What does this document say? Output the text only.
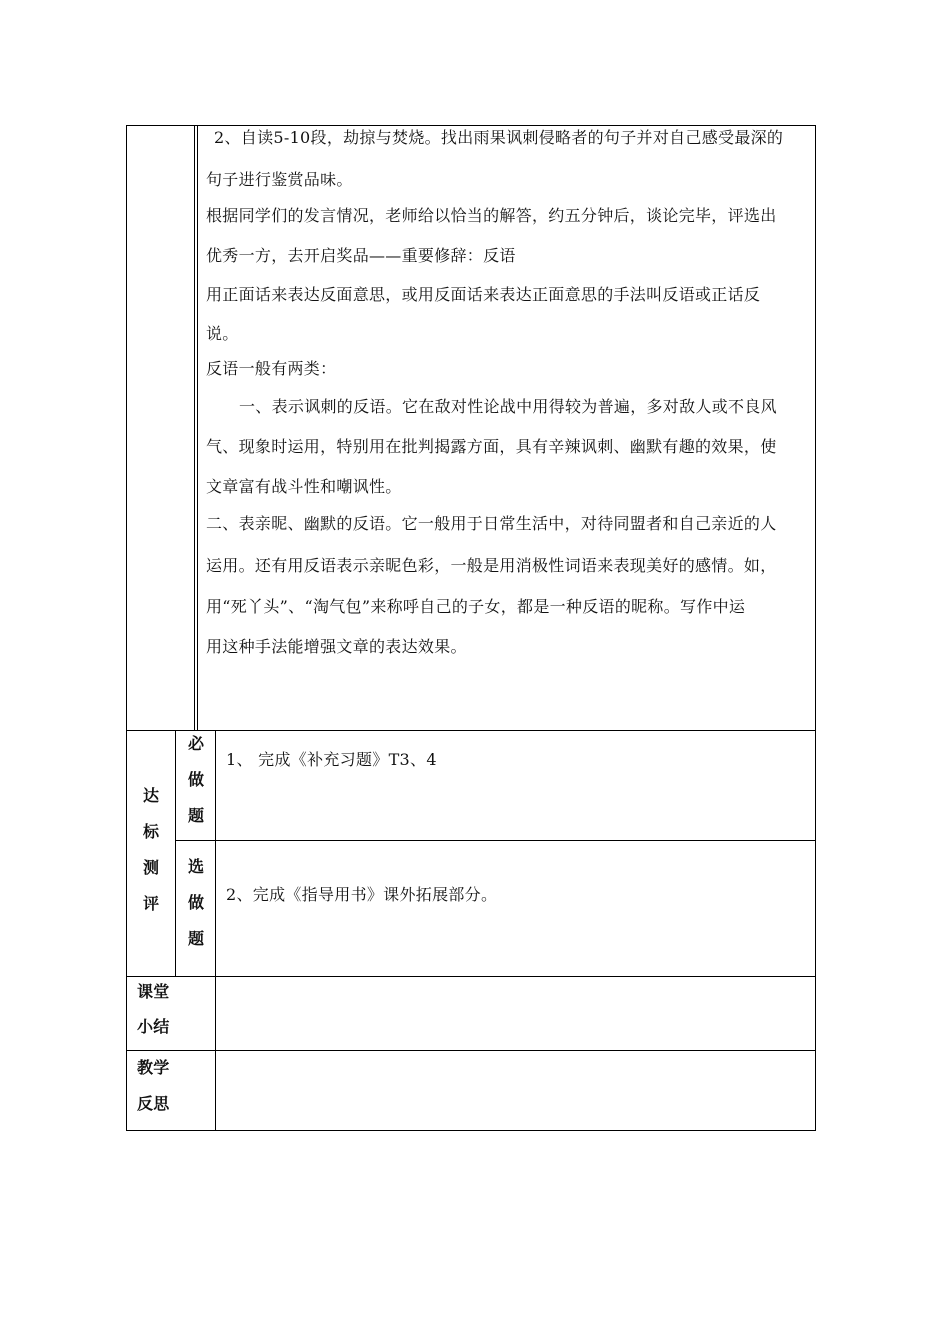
2、自读5-10段，劫掠与焚烧。找出雨果讽刺侵略者的句子并对自己感受最深的
句子进行鉴赏品味。
根据同学们的发言情况，老师给以恰当的解答，约五分钟后，谈论完毕，评选出
优秀一方，去开启奖品——重要修辞：反语
用正面话来表达反面意思，或用反面话来表达正面意思的手法叫反语或正话反
说。
反语一般有两类：
一、表示讽刺的反语。它在敌对性论战中用得较为普遍，多对敌人或不良风
气、现象时运用，特别用在批判揭露方面，具有辛辣讽刺、幽默有趣的效果，使
文章富有战斗性和嘲讽性。
二、表亲昵、幽默的反语。它一般用于日常生活中，对待同盟者和自己亲近的人
运用。还有用反语表示亲昵色彩，一般是用消极性词语来表现美好的感情。如，
用“死丫头”、“淘气包”来称呼自己的子女，都是一种反语的昵称。写作中运
用这种手法能增强文章的表达效果。
达
标
测
评
必
做
题
1、 完成《补充习题》T3、4
选
做
题
2、完成《指导用书》课外拓展部分。
课堂
小结
教学
反思
